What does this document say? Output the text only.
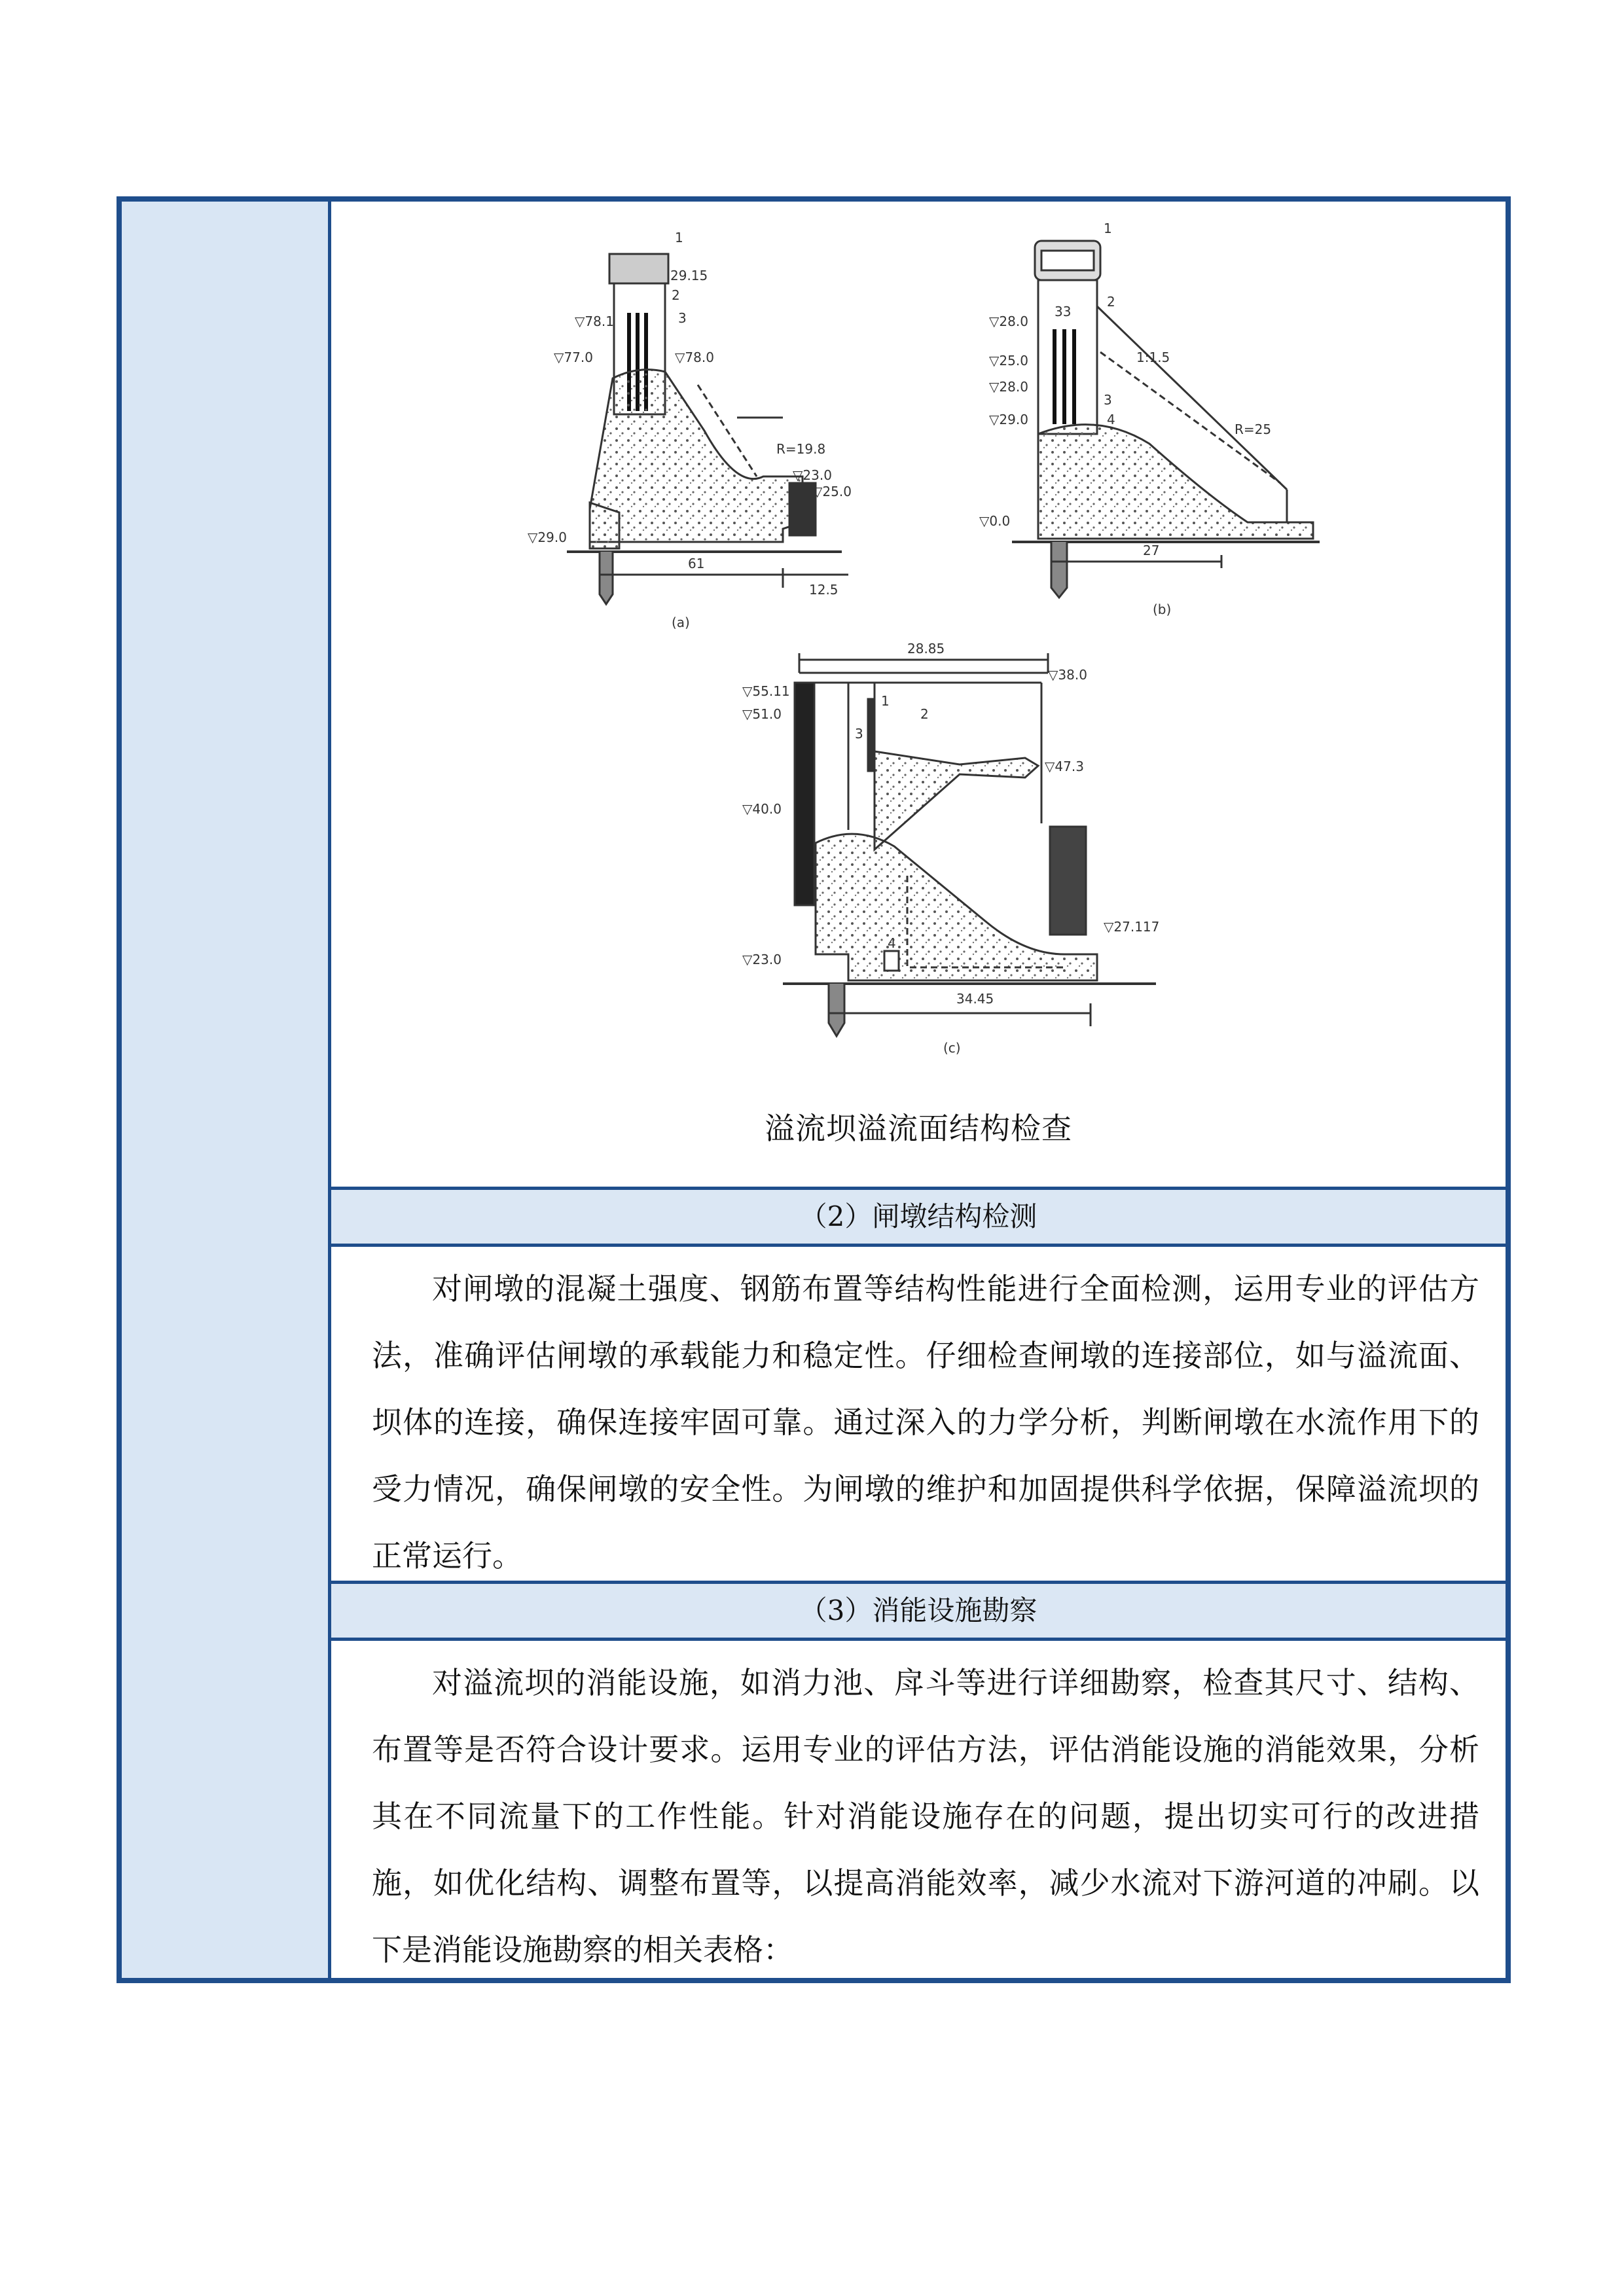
1
2
3
29.15
▽78.1
▽77.0	▽78.0
R=19.8
▽23.0
▽25.0
▽29.0
61
12.5
(a)
1
2
3
4
▽28.0
▽25.0
▽28.0
▽29.0
1:1.5
R=25
▽0.0
27
33
(b)
28.85
▽38.0
▽55.11
▽51.0
▽47.3
▽40.0
▽27.117
▽23.0
34.45
1
2
3
4
(c)
溢流坝溢流面结构检查
（2）闸墩结构检测

对闸墩的混凝土强度、钢筋布置等结构性能进行全面检测，运用专业的评估方法，准确评估闸墩的承载能力和稳定性。仔细检查闸墩的连接部位，如与溢流面、坝体的连接，确保连接牢固可靠。通过深入的力学分析，判断闸墩在水流作用下的受力情况，确保闸墩的安全性。为闸墩的维护和加固提供科学依据，保障溢流坝的正常运行。

（3）消能设施勘察

对溢流坝的消能设施，如消力池、戽斗等进行详细勘察，检查其尺寸、结构、布置等是否符合设计要求。运用专业的评估方法，评估消能设施的消能效果，分析其在不同流量下的工作性能。针对消能设施存在的问题，提出切实可行的改进措施，如优化结构、调整布置等，以提高消能效率，减少水流对下游河道的冲刷。以下是消能设施勘察的相关表格：
